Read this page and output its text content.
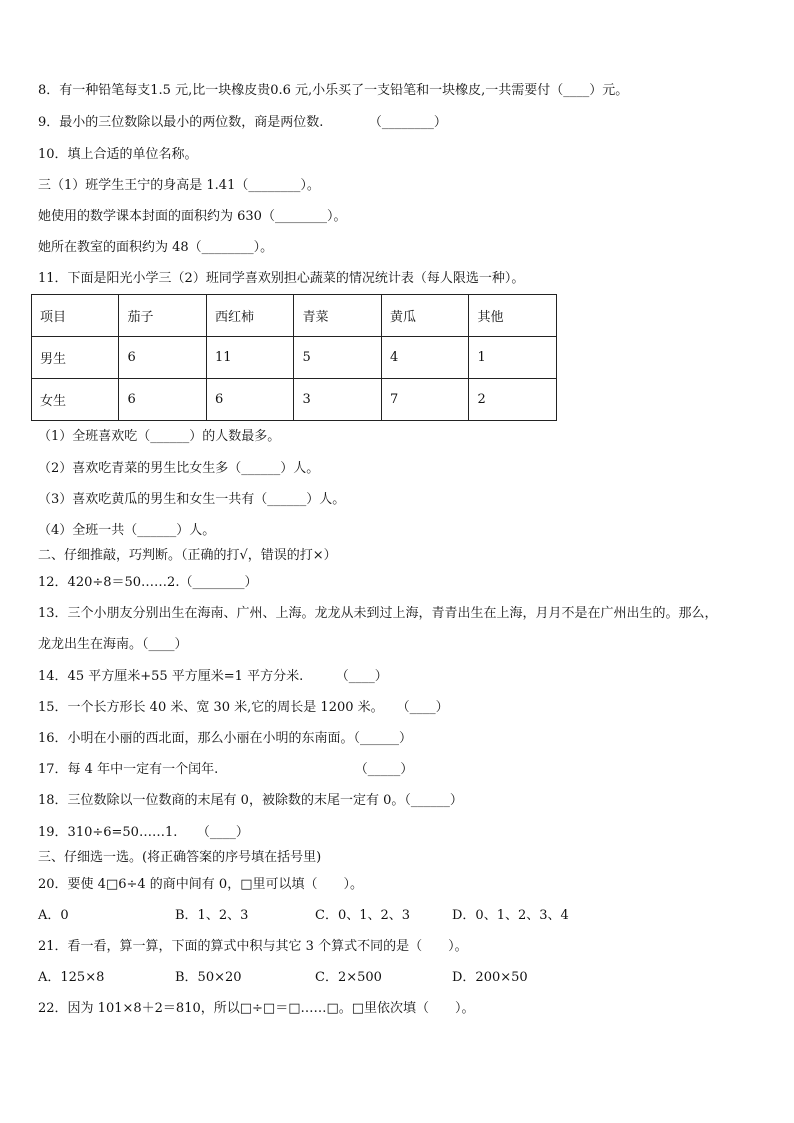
8．有一种铅笔每支1.5 元,比一块橡皮贵0.6 元,小乐买了一支铅笔和一块橡皮,一共需要付（____）元。
9．最小的三位数除以最小的两位数，商是两位数.　　　　（________）
10．填上合适的单位名称。
三（1）班学生王宁的身高是 1.41（________）。
她使用的数学课本封面的面积约为 630（________）。
她所在教室的面积约为 48（________）。
11．下面是阳光小学三（2）班同学喜欢别担心蔬菜的情况统计表（每人限选一种）。
项目	茄子	西红柿	青菜	黄瓜	其他
男生	6	11	5	4	1
女生	6	6	3	7	2
（1）全班喜欢吃（______）的人数最多。
（2）喜欢吃青菜的男生比女生多（______）人。
（3）喜欢吃黄瓜的男生和女生一共有（______）人。
（4）全班一共（______）人。
二、仔细推敲，巧判断。（正确的打√，错误的打×）
12．420÷8＝50……2.（________）
13．三个小朋友分别出生在海南、广州、上海。龙龙从未到过上海，青青出生在上海，月月不是在广州出生的。那么，
龙龙出生在海南。（____）
14．45 平方厘米+55 平方厘米=1 平方分米.　　　（____）
15．一个长方形长 40 米、宽 30 米,它的周长是 1200 米。　　（____）
16．小明在小丽的西北面，那么小丽在小明的东南面。（______）
17．每 4 年中一定有一个闰年.　　　　　　　　　　　（_____）
18．三位数除以一位数商的末尾有 0，被除数的末尾一定有 0。（______）
19．310÷6=50……1.　　（____）
三、仔细选一选。(将正确答案的序号填在括号里)
20．要使 4□6÷4 的商中间有 0，□里可以填（　　）。
A．0	B．1、2、3	C．0、1、2、3	D．0、1、2、3、4
21．看一看，算一算，下面的算式中积与其它 3 个算式不同的是（　　）。
A．125×8	B．50×20	C．2×500	D．200×50
22．因为 101×8＋2＝810，所以□÷□＝□……□。□里依次填（　　）。
